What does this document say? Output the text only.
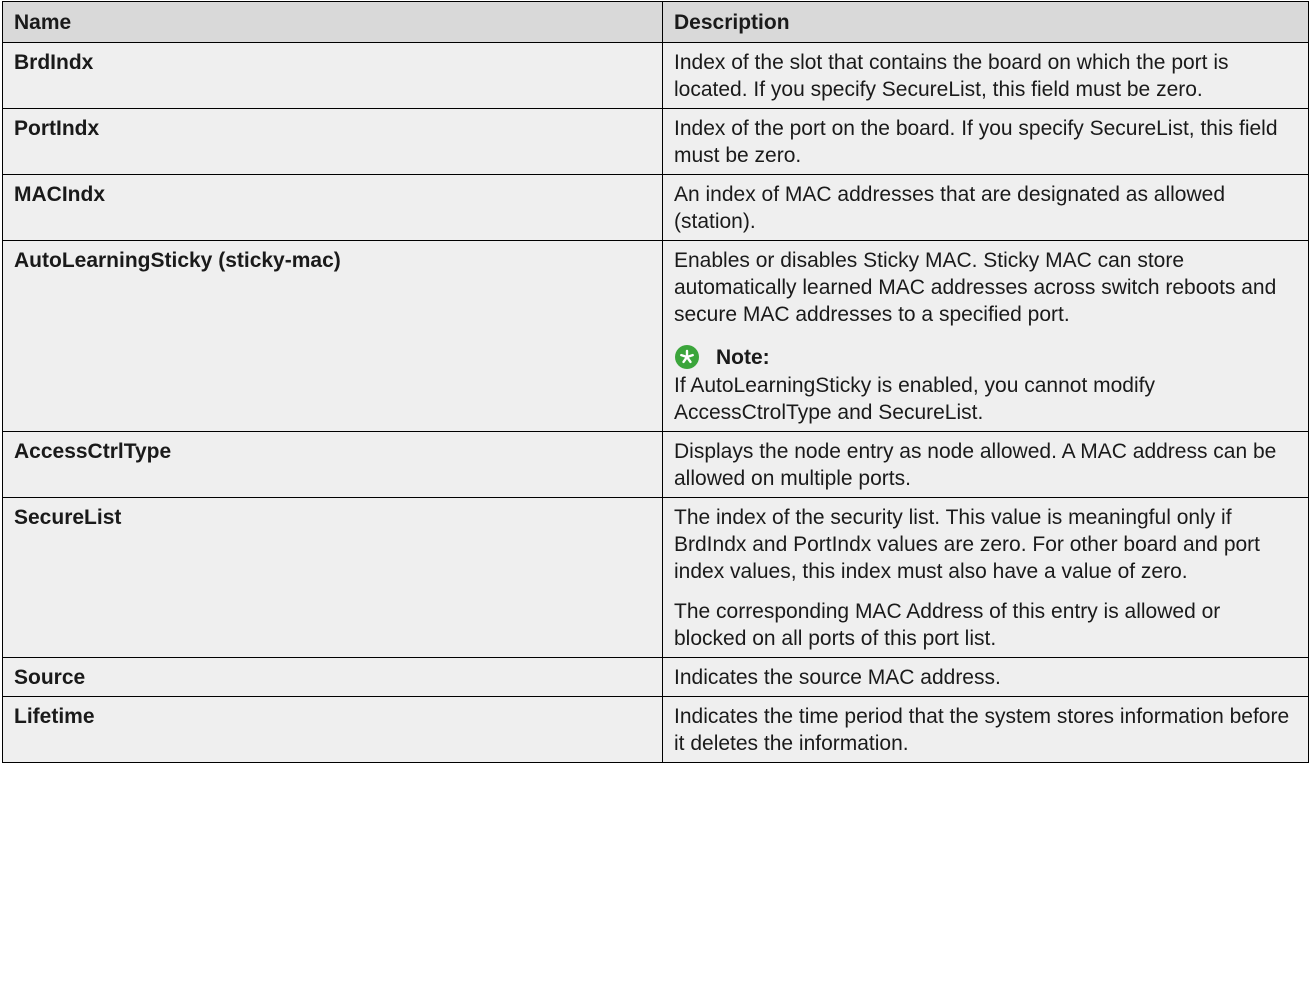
Name	Description
BrdIndx	Index of the slot that contains the board on which the port is located. If you specify SecureList, this field must be zero.

PortIndx	Index of the port on the board. If you specify SecureList, this field must be zero.

MACIndx	An index of MAC addresses that are designated as allowed (station).

AutoLearningSticky (sticky-mac)	Enables or disables Sticky MAC. Sticky MAC can store automatically learned MAC addresses across switch reboots and secure MAC addresses to a specified port.

Note:

If AutoLearningSticky is enabled, you cannot modify AccessCtrolType and SecureList.

AccessCtrlType	Displays the node entry as node allowed. A MAC address can be allowed on multiple ports.

SecureList	The index of the security list. This value is meaningful only if BrdIndx and PortIndx values are zero. For other board and port index values, this index must also have a value of zero.

The corresponding MAC Address of this entry is allowed or blocked on all ports of this port list.

Source	Indicates the source MAC address.

Lifetime	Indicates the time period that the system stores information before it deletes the information.
